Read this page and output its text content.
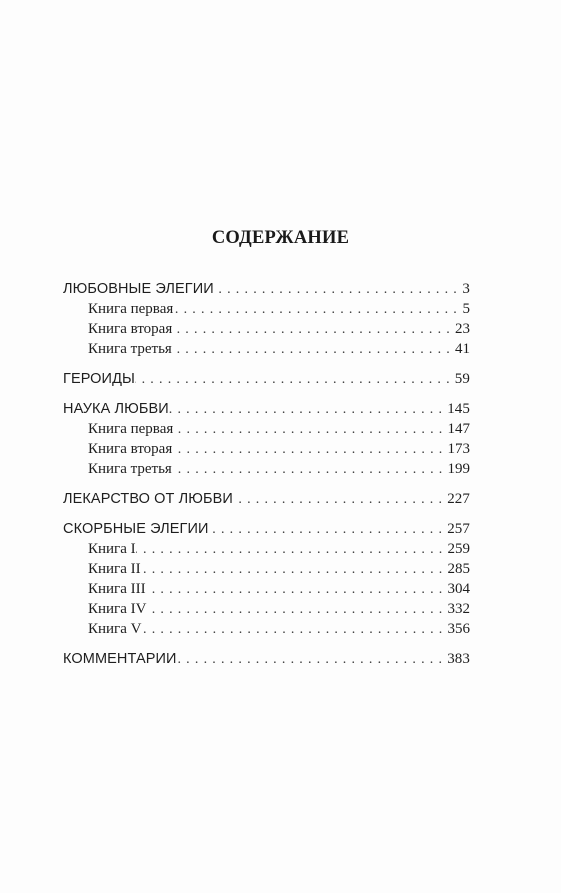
СОДЕРЖАНИЕ
ЛЮБОВНЫЕ ЭЛЕГИИ .....	3
Книга первая .....	5
Книга вторая .....	23
Книга третья .....	41
ГЕРОИДЫ .....	59
НАУКА ЛЮБВИ .....	145
Книга первая .....	147
Книга вторая .....	173
Книга третья .....	199
ЛЕКАРСТВО ОТ ЛЮБВИ .....	227
СКОРБНЫЕ ЭЛЕГИИ .....	257
Книга I .....	259
Книга II .....	285
Книга III .....	304
Книга IV .....	332
Книга V .....	356
КОММЕНТАРИИ .....	383
